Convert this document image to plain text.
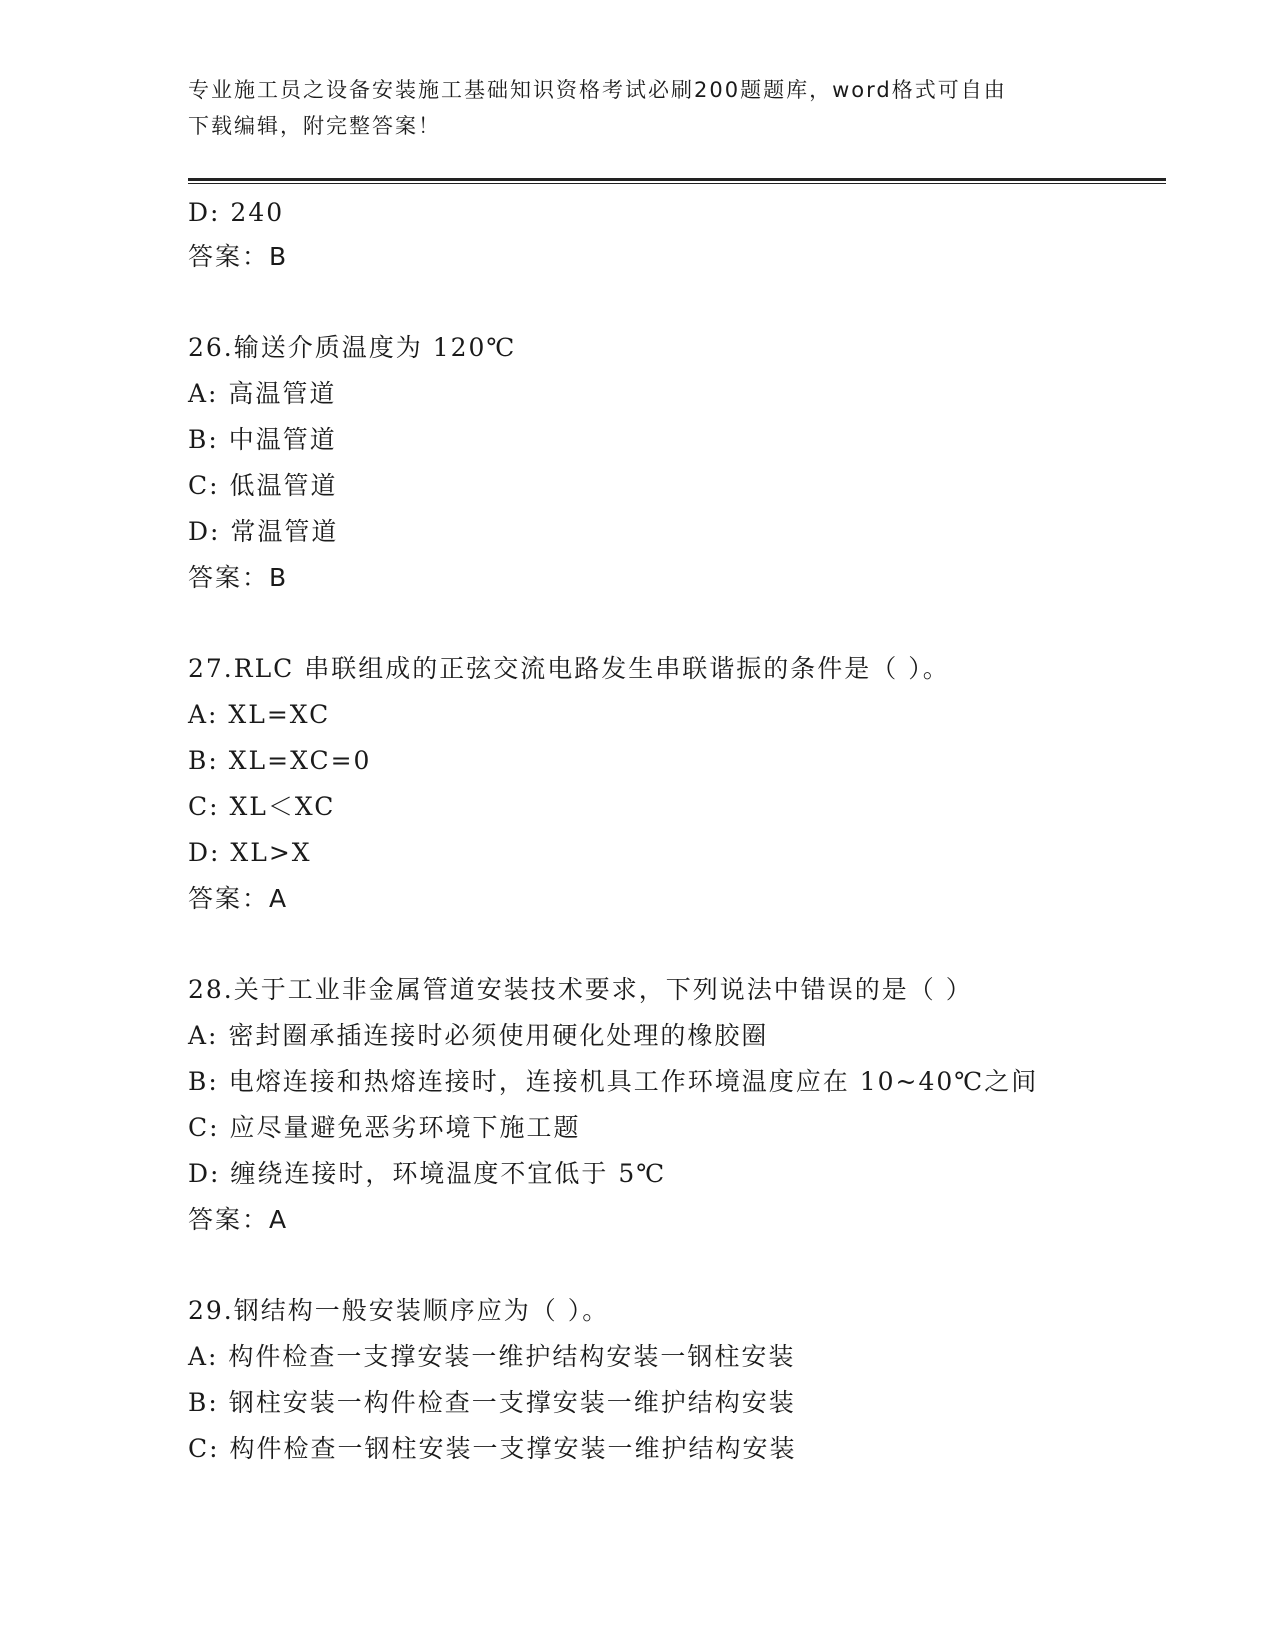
专业施工员之设备安装施工基础知识资格考试必刷200题题库，word格式可自由
下载编辑，附完整答案！
D: 240
答案：B
26.输送介质温度为 120℃
A: 高温管道
B: 中温管道
C: 低温管道
D: 常温管道
答案：B
27.RLC 串联组成的正弦交流电路发生串联谐振的条件是（ ）。
A: XL=XC
B: XL=XC=0
C: XL＜XC
D: XL>X
答案：A
28.关于工业非金属管道安装技术要求，下列说法中错误的是（ ）
A: 密封圈承插连接时必须使用硬化处理的橡胶圈
B: 电熔连接和热熔连接时，连接机具工作环境温度应在 10~40℃之间
C: 应尽量避免恶劣环境下施工题
D: 缠绕连接时，环境温度不宜低于 5℃
答案：A
29.钢结构一般安装顺序应为（ ）。
A: 构件检查一支撑安装一维护结构安装一钢柱安装
B: 钢柱安装一构件检查一支撑安装一维护结构安装
C: 构件检查一钢柱安装一支撑安装一维护结构安装
